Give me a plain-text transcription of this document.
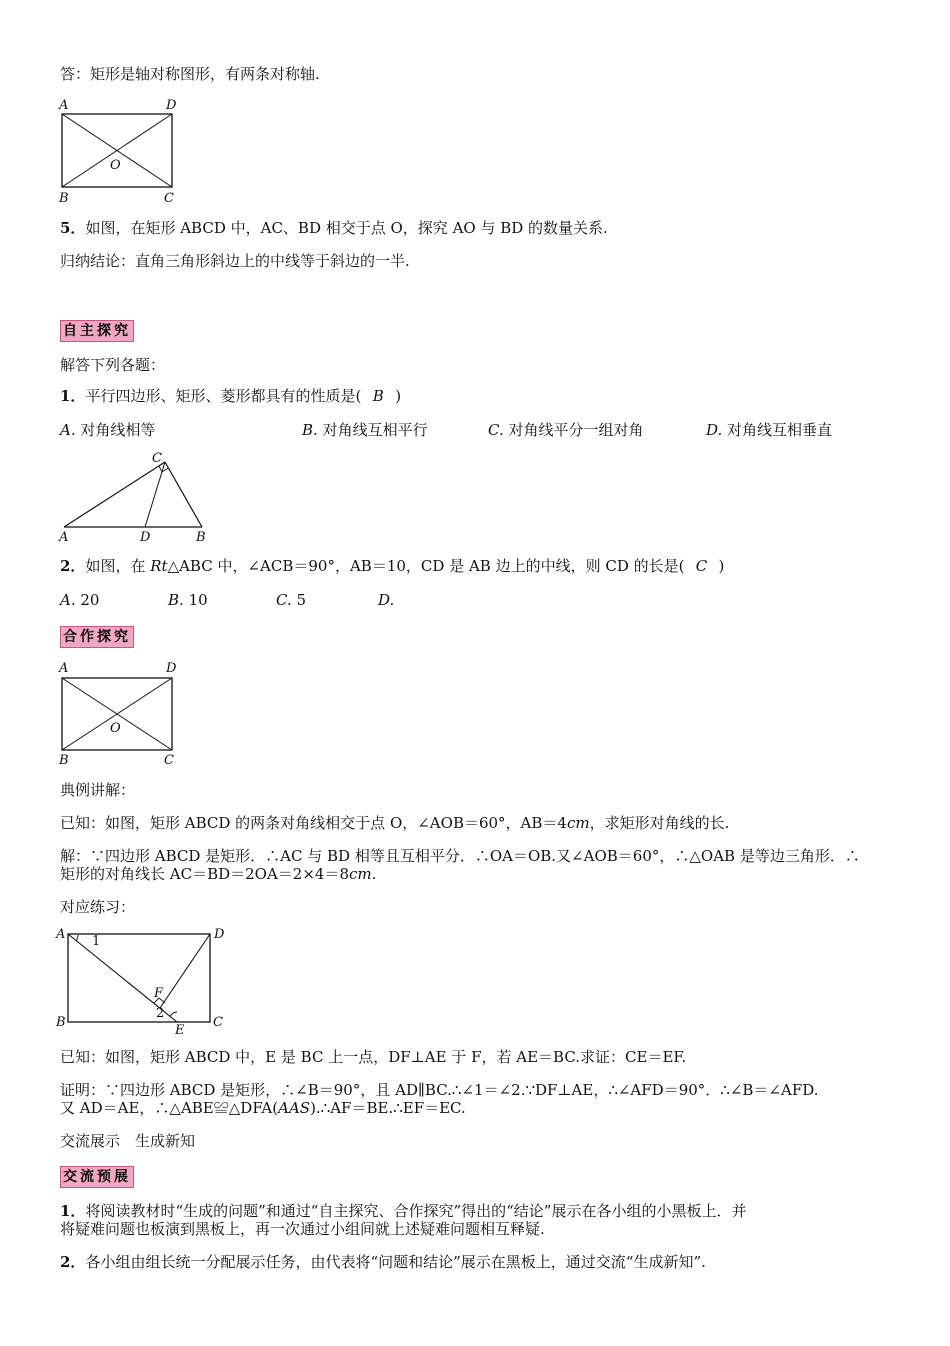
答：矩形是轴对称图形，有两条对称轴.
A	D
B	C
O
5．如图，在矩形 ABCD 中，AC、BD 相交于点 O，探究 AO 与 BD 的数量关系.
归纳结论：直角三角形斜边上的中线等于斜边的一半.
自主探究
解答下列各题：
1．平行四边形、矩形、菱形都具有的性质是( B )
A. 对角线相等	B. 对角线互相平行	C. 对角线平分一组对角	D. 对角线互相垂直
C
A	D	B
2．如图，在 Rt△ABC 中，∠ACB＝90°，AB＝10，CD 是 AB 边上的中线，则 CD 的长是( C )
A. 20	B. 10	C. 5	D.
合作探究
A	D
B	C
O
典例讲解：
已知：如图，矩形 ABCD 的两条对角线相交于点 O，∠AOB＝60°，AB＝4cm，求矩形对角线的长.
解：∵四边形 ABCD 是矩形．∴AC 与 BD 相等且互相平分．∴OA＝OB.又∠AOB＝60°，∴△OAB 是等边三角形．∴
矩形的对角线长 AC＝BD＝2OA＝2×4＝8cm.
对应练习：
A 1	D
B	C
F
2
E
已知：如图，矩形 ABCD 中，E 是 BC 上一点，DF⊥AE 于 F，若 AE＝BC.求证：CE＝EF.
证明：∵四边形 ABCD 是矩形，∴∠B＝90°，且 AD∥BC.∴∠1＝∠2.∵DF⊥AE，∴∠AFD＝90°．∴∠B＝∠AFD.
又 AD＝AE，∴△ABE≌△DFA(AAS).∴AF＝BE.∴EF＝EC.
交流展示　生成新知
交流预展
1．将阅读教材时“生成的问题”和通过“自主探究、合作探究”得出的“结论”展示在各小组的小黑板上．并
将疑难问题也板演到黑板上，再一次通过小组间就上述疑难问题相互释疑.
2．各小组由组长统一分配展示任务，由代表将“问题和结论”展示在黑板上，通过交流“生成新知”.
